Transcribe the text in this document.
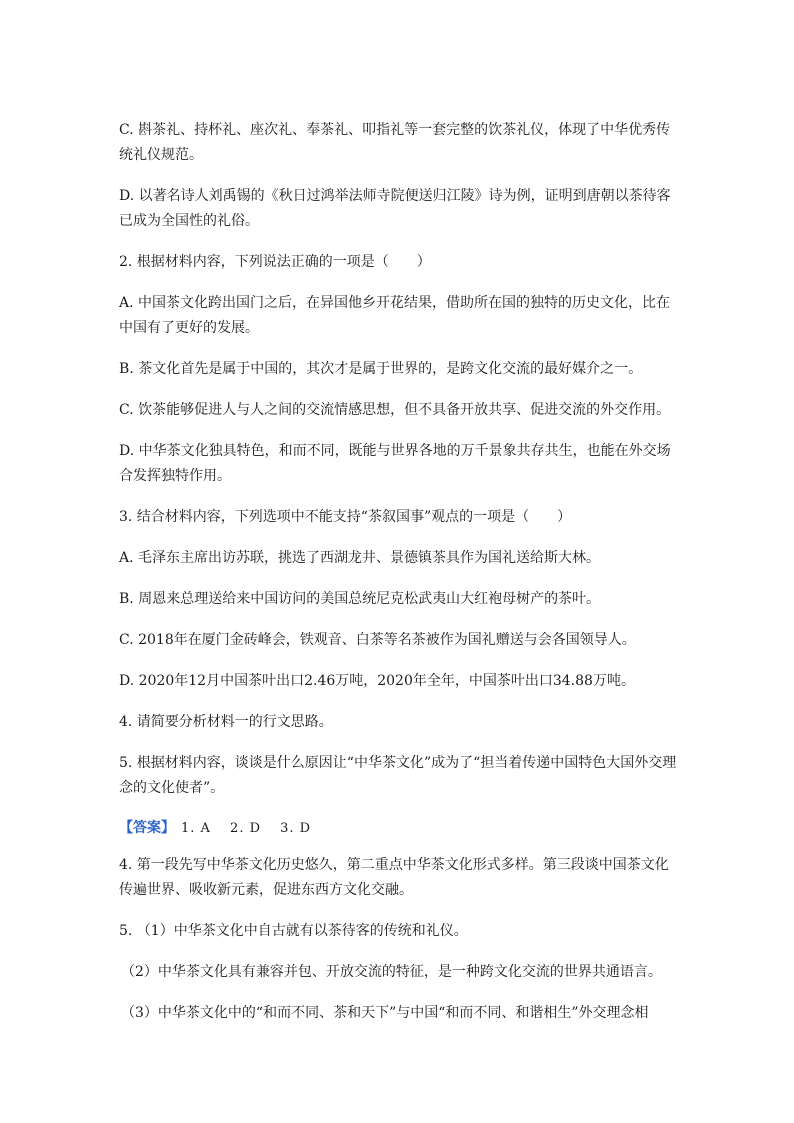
C. 斟茶礼、持杯礼、座次礼、奉茶礼、叩指礼等一套完整的饮茶礼仪，体现了中华优秀传统礼仪规范。

D. 以著名诗人刘禹锡的《秋日过鸿举法师寺院便送归江陵》诗为例，证明到唐朝以茶待客已成为全国性的礼俗。

2. 根据材料内容，下列说法正确的一项是（　　）

A. 中国茶文化跨出国门之后，在异国他乡开花结果，借助所在国的独特的历史文化，比在中国有了更好的发展。

B. 茶文化首先是属于中国的，其次才是属于世界的，是跨文化交流的最好媒介之一。

C. 饮茶能够促进人与人之间的交流情感思想，但不具备开放共享、促进交流的外交作用。

D. 中华茶文化独具特色，和而不同，既能与世界各地的万千景象共存共生，也能在外交场合发挥独特作用。

3. 结合材料内容，下列选项中不能支持“茶叙国事”观点的一项是（　　）

A. 毛泽东主席出访苏联，挑选了西湖龙井、景德镇茶具作为国礼送给斯大林。

B. 周恩来总理送给来中国访问的美国总统尼克松武夷山大红袍母树产的茶叶。

C. 2018年在厦门金砖峰会，铁观音、白茶等名茶被作为国礼赠送与会各国领导人。

D. 2020年12月中国茶叶出口2.46万吨，2020年全年，中国茶叶出口34.88万吨。

4. 请简要分析材料一的行文思路。

5. 根据材料内容，谈谈是什么原因让“中华茶文化”成为了“担当着传递中国特色大国外交理念的文化使者”。

【答案】 1. A　 2. D　 3. D

4. 第一段先写中华茶文化历史悠久，第二重点中华茶文化形式多样。第三段谈中国茶文化传遍世界、吸收新元素，促进东西方文化交融。

5. （1）中华茶文化中自古就有以茶待客的传统和礼仪。

（2）中华茶文化具有兼容并包、开放交流的特征，是一种跨文化交流的世界共通语言。

（3）中华茶文化中的“和而不同、茶和天下”与中国“和而不同、和谐相生”外交理念相
